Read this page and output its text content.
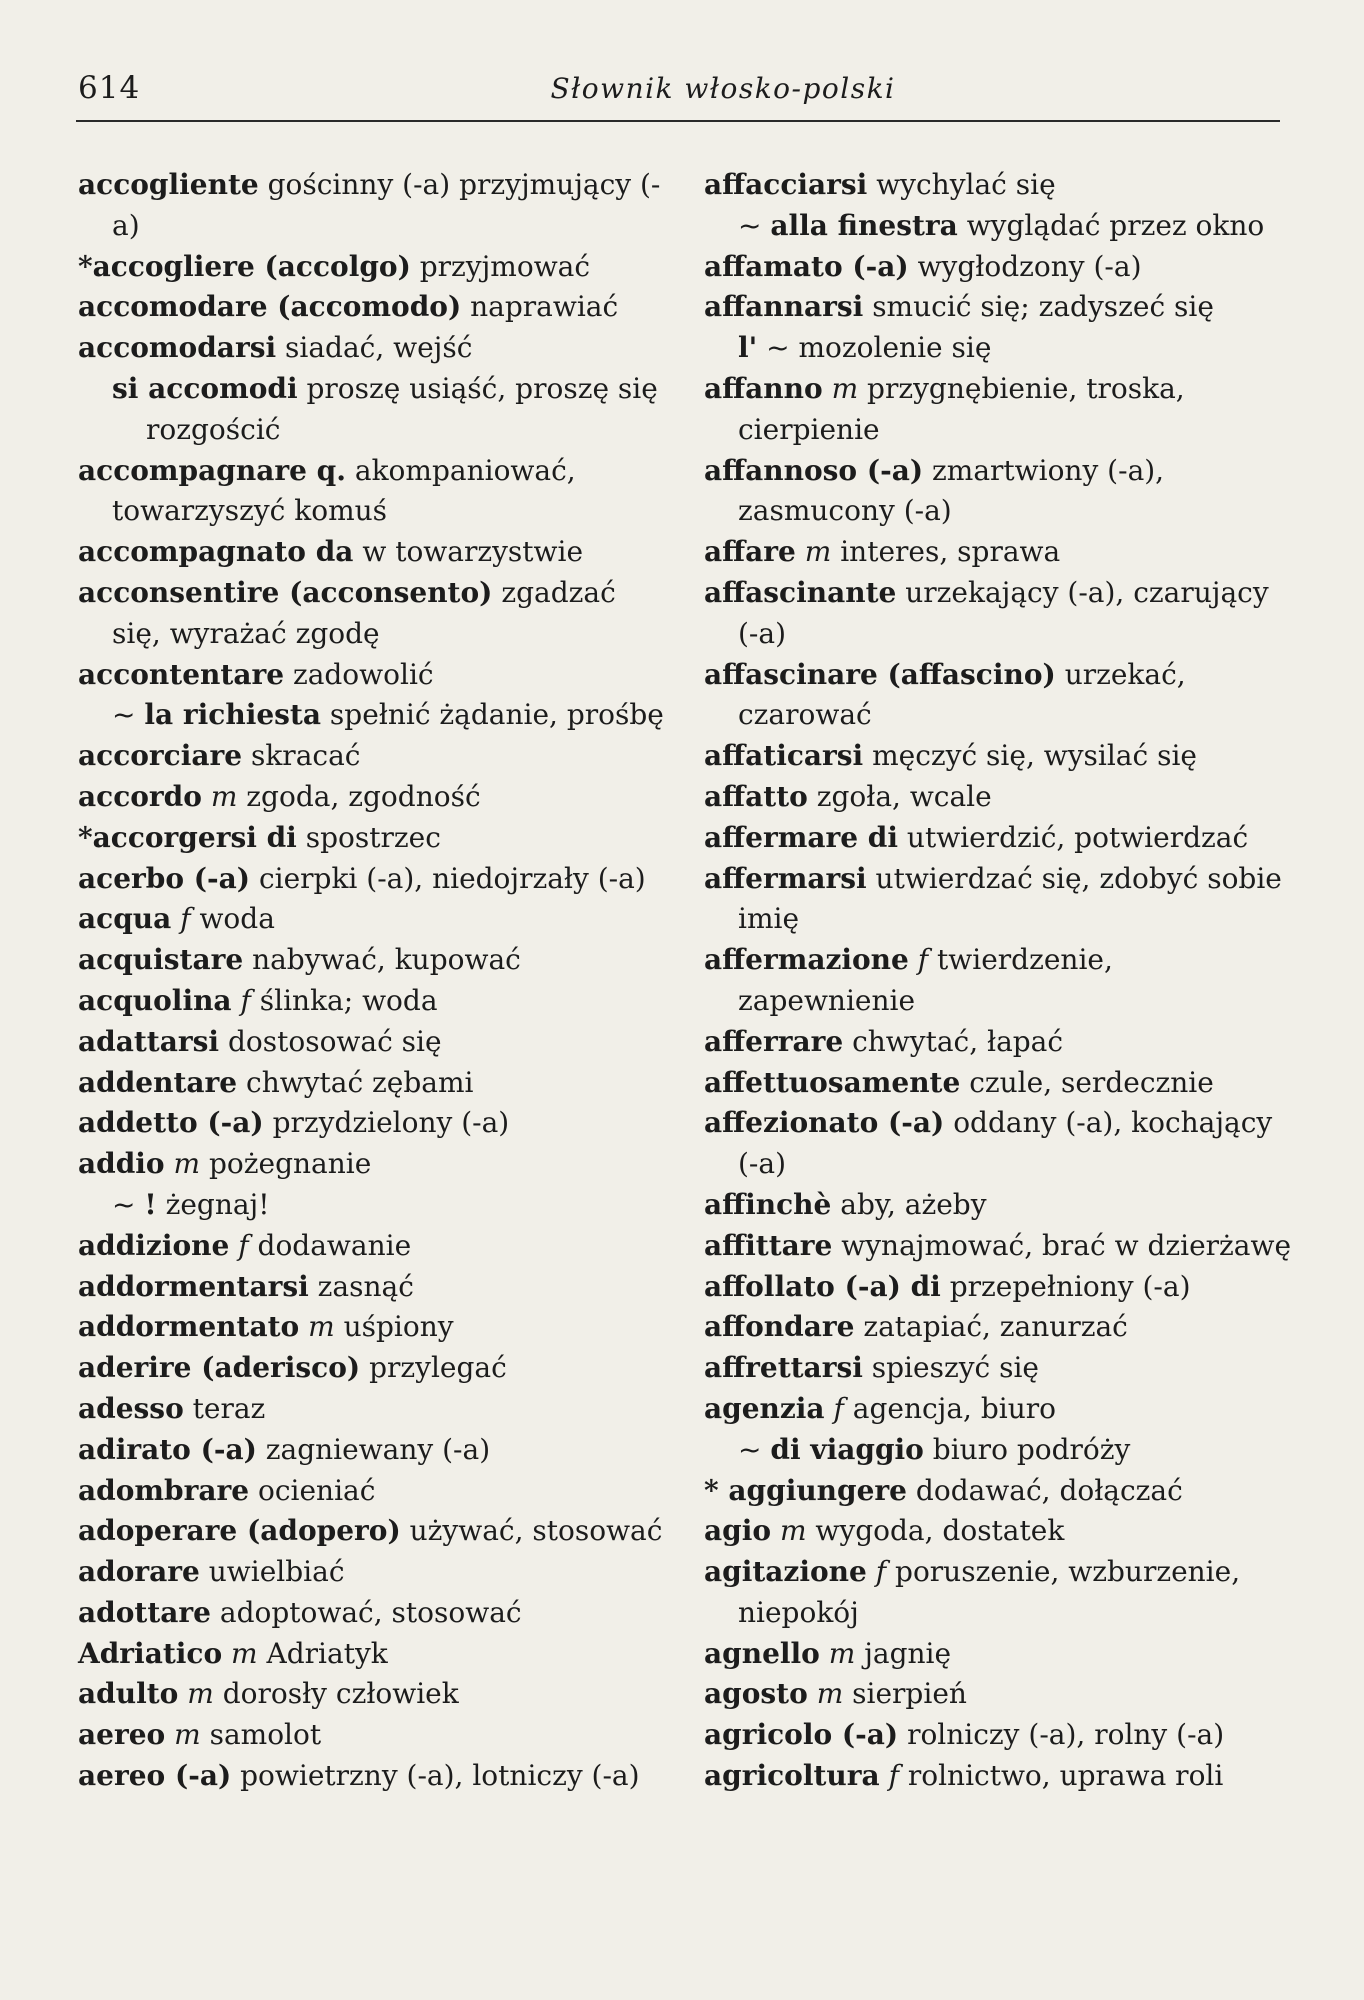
614	Słownik włosko-polski

accogliente gościnny (-a) przyjmujący (-a)

*accogliere (accolgo) przyjmować

accomodare (accomodo) naprawiać

accomodarsi siadać, wejść

si accomodi proszę usiąść, proszę się rozgościć

accompagnare q. akompaniować, towarzyszyć komuś

accompagnato da w towarzystwie

acconsentire (acconsento) zgadzać się, wyrażać zgodę

accontentare zadowolić

~ la richiesta spełnić żądanie, prośbę

accorciare skracać

accordo m zgoda, zgodność

*accorgersi di spostrzec

acerbo (-a) cierpki (-a), niedojrzały (-a)

acqua f woda

acquistare nabywać, kupować

acquolina f ślinka; woda

adattarsi dostosować się

addentare chwytać zębami

addetto (-a) przydzielony (-a)

addio m pożegnanie

~ ! żegnaj!

addizione f dodawanie

addormentarsi zasnąć

addormentato m uśpiony

aderire (aderisco) przylegać

adesso teraz

adirato (-a) zagniewany (-a)

adombrare ocieniać

adoperare (adopero) używać, stosować

adorare uwielbiać

adottare adoptować, stosować

Adriatico m Adriatyk

adulto m dorosły człowiek

aereo m samolot

aereo (-a) powietrzny (-a), lotniczy (-a)

affacciarsi wychylać się

~ alla finestra wyglądać przez okno

affamato (-a) wygłodzony (-a)

affannarsi smucić się; zadyszeć się

l' ~ mozolenie się

affanno m przygnębienie, troska, cierpienie

affannoso (-a) zmartwiony (-a), zasmucony (-a)

affare m interes, sprawa

affascinante urzekający (-a), czarujący (-a)

affascinare (affascino) urzekać, czarować

affaticarsi męczyć się, wysilać się

affatto zgoła, wcale

affermare di utwierdzić, potwierdzać

affermarsi utwierdzać się, zdobyć sobie imię

affermazione f twierdzenie, zapewnienie

afferrare chwytać, łapać

affettuosamente czule, serdecznie

affezionato (-a) oddany (-a), kochający (-a)

affinchè aby, ażeby

affittare wynajmować, brać w dzierżawę

affollato (-a) di przepełniony (-a)

affondare zatapiać, zanurzać

affrettarsi spieszyć się

agenzia f agencja, biuro

~ di viaggio biuro podróży

* aggiungere dodawać, dołączać

agio m wygoda, dostatek

agitazione f poruszenie, wzburzenie, niepokój

agnello m jagnię

agosto m sierpień

agricolo (-a) rolniczy (-a), rolny (-a)

agricoltura f rolnictwo, uprawa roli
